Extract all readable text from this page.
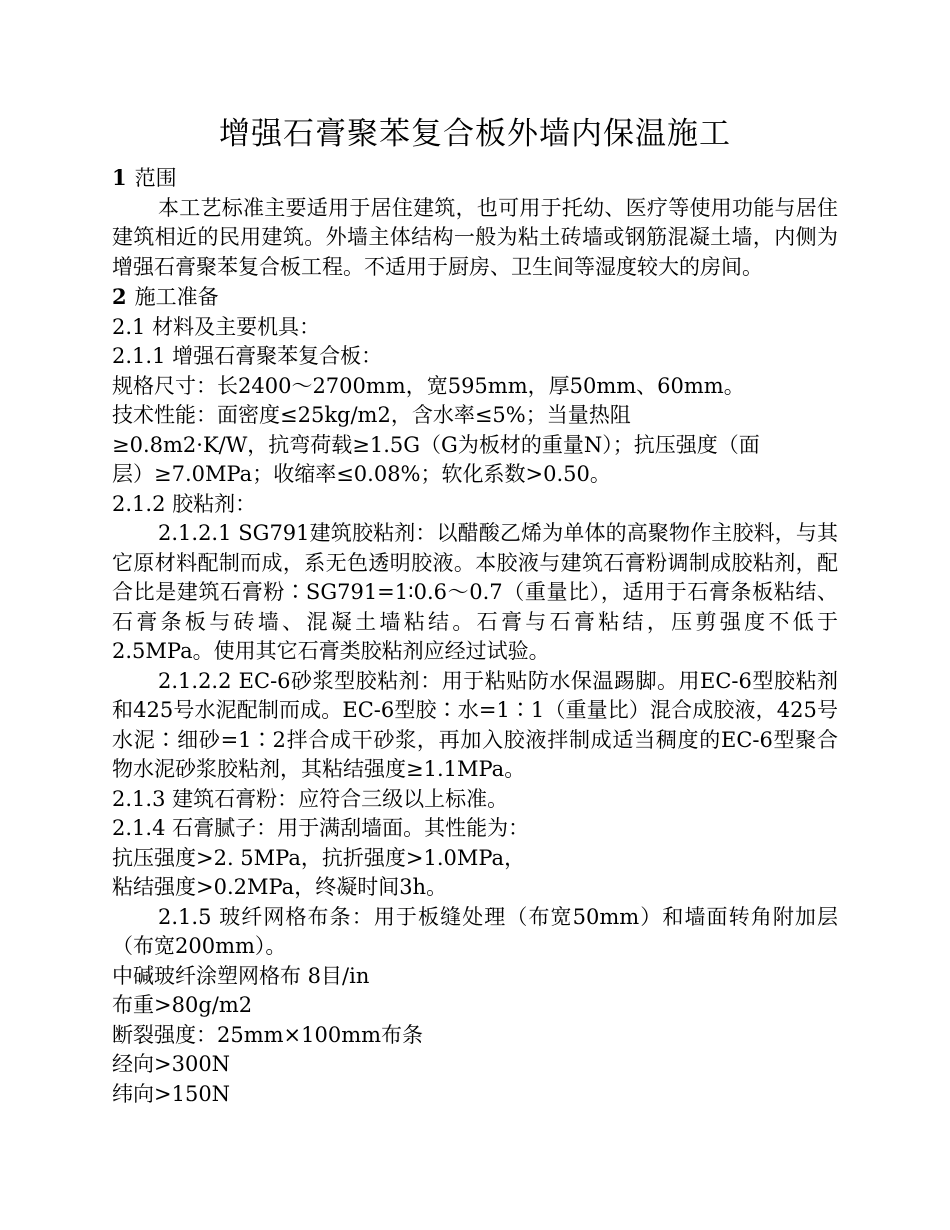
增强石膏聚苯复合板外墙内保温施工

1 范围

本工艺标准主要适用于居住建筑，也可用于托幼、医疗等使用功能与居住建筑相近的民用建筑。外墙主体结构一般为粘土砖墙或钢筋混凝土墙，内侧为增强石膏聚苯复合板工程。不适用于厨房、卫生间等湿度较大的房间。

2 施工准备

2.1 材料及主要机具：

2.1.1 增强石膏聚苯复合板：

规格尺寸：长2400～2700mm，宽595mm，厚50mm、60mm。

技术性能：面密度≤25kg/m2，含水率≤5%；当量热阻

≥0.8m2·K/W，抗弯荷载≥1.5G（G为板材的重量N）；抗压强度（面

层）≥7.0MPa；收缩率≤0.08%；软化系数>0.50。

2.1.2 胶粘剂：

2.1.2.1 SG791建筑胶粘剂：以醋酸乙烯为单体的高聚物作主胶料，与其它原材料配制而成，系无色透明胶液。本胶液与建筑石膏粉调制成胶粘剂，配合比是建筑石膏粉∶SG791=1∶0.6～0.7（重量比），适用于石膏条板粘结、石膏条板与砖墙、混凝土墙粘结。石膏与石膏粘结，压剪强度不低于2.5MPa。使用其它石膏类胶粘剂应经过试验。

2.1.2.2 EC-6砂浆型胶粘剂：用于粘贴防水保温踢脚。用EC-6型胶粘剂和425号水泥配制而成。EC-6型胶∶水=1∶1（重量比）混合成胶液，425号水泥∶细砂=1∶2拌合成干砂浆，再加入胶液拌制成适当稠度的EC-6型聚合物水泥砂浆胶粘剂，其粘结强度≥1.1MPa。

2.1.3 建筑石膏粉：应符合三级以上标准。

2.1.4 石膏腻子：用于满刮墙面。其性能为：

抗压强度>2. 5MPa，抗折强度>1.0MPa，

粘结强度>0.2MPa，终凝时间3h。

2.1.5 玻纤网格布条：用于板缝处理（布宽50mm）和墙面转角附加层（布宽200mm）。

中碱玻纤涂塑网格布 8目/in

布重>80g/m2

断裂强度：25mm×100mm布条

经向>300N

纬向>150N
